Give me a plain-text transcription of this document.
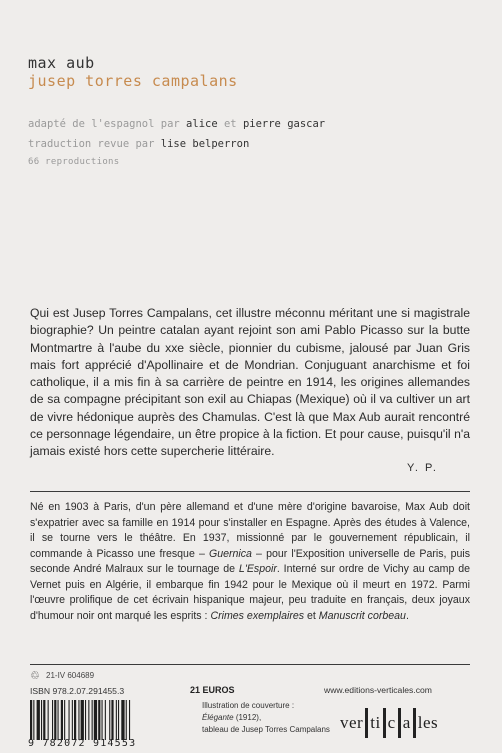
max aub
jusep torres campalans
adapté de l'espagnol par alice et pierre gascar
traduction revue par lise belperron
66 reproductions

Qui est Jusep Torres Campalans, cet illustre méconnu méritant une si magistrale biographie? Un peintre catalan ayant rejoint son ami Pablo Picasso sur la butte Montmartre à l'aube du xxe siècle, pionnier du cubisme, jalousé par Juan Gris mais fort apprécié d'Apollinaire et de Mondrian. Conjuguant anarchisme et foi catholique, il a mis fin à sa carrière de peintre en 1914, les origines allemandes de sa compagne précipitant son exil au Chiapas (Mexique) où il va cultiver un art de vivre hédonique auprès des Chamulas. C'est là que Max Aub aurait rencontré ce personnage légendaire, un être propice à la fiction. Et pour cause, puisqu'il n'a jamais existé hors cette supercherie littéraire.

Y. P.

Né en 1903 à Paris, d'un père allemand et d'une mère d'origine bavaroise, Max Aub doit s'expatrier avec sa famille en 1914 pour s'installer en Espagne. Après des études à Valence, il se tourne vers le théâtre. En 1937, missionné par le gouvernement républicain, il commande à Picasso une fresque – Guernica – pour l'Exposition universelle de Paris, puis seconde André Malraux sur le tournage de L'Espoir. Interné sur ordre de Vichy au camp de Vernet puis en Algérie, il embarque fin 1942 pour le Mexique où il meurt en 1972. Parmi l'œuvre prolifique de cet écrivain hispanique majeur, peu traduite en français, deux joyaux d'humour noir ont marqué les esprits : Crimes exemplaires et Manuscrit corbeau.

♲ 21-IV 604689
ISBN 978.2.07.291455.3	21 EUROS	www.editions-verticales.com
Illustration de couverture :
Élégante (1912),
tableau de Jusep Torres Campalans
9 782072 914553
ver ti c a les
